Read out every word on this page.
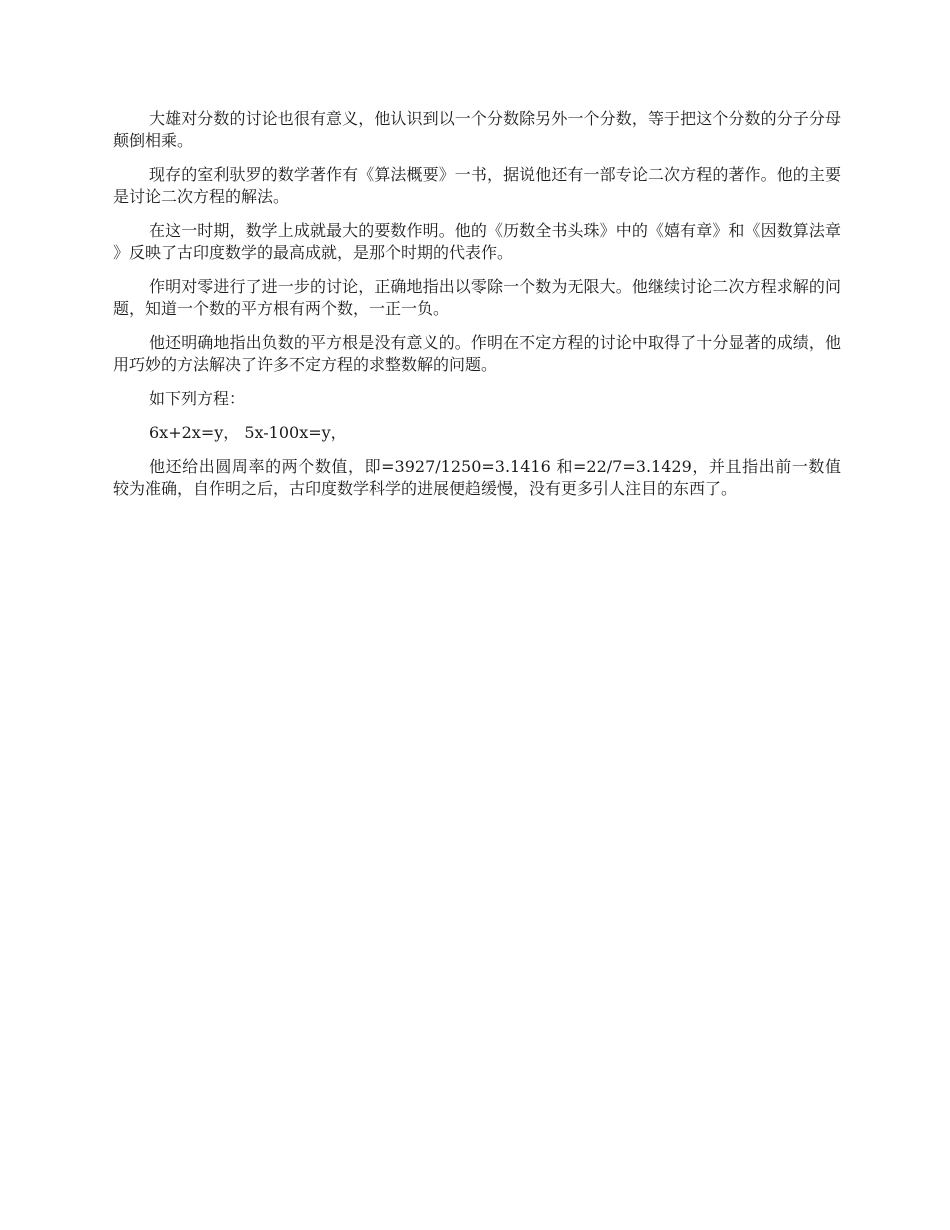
大雄对分数的讨论也很有意义，他认识到以一个分数除另外一个分数，等于把这个分数的分子分母颠倒相乘。

现存的室利驮罗的数学著作有《算法概要》一书，据说他还有一部专论二次方程的著作。他的主要是讨论二次方程的解法。

在这一时期，数学上成就最大的要数作明。他的《历数全书头珠》中的《嬉有章》和《因数算法章》反映了古印度数学的最高成就，是那个时期的代表作。

作明对零进行了进一步的讨论，正确地指出以零除一个数为无限大。他继续讨论二次方程求解的问题，知道一个数的平方根有两个数，一正一负。

他还明确地指出负数的平方根是没有意义的。作明在不定方程的讨论中取得了十分显著的成绩，他用巧妙的方法解决了许多不定方程的求整数解的问题。

如下列方程：

6x+2x=y， 5x-100x=y，

他还给出圆周率的两个数值，即=3927/1250=3.1416 和=22/7=3.1429，并且指出前一数值较为准确，自作明之后，古印度数学科学的进展便趋缓慢，没有更多引人注目的东西了。
